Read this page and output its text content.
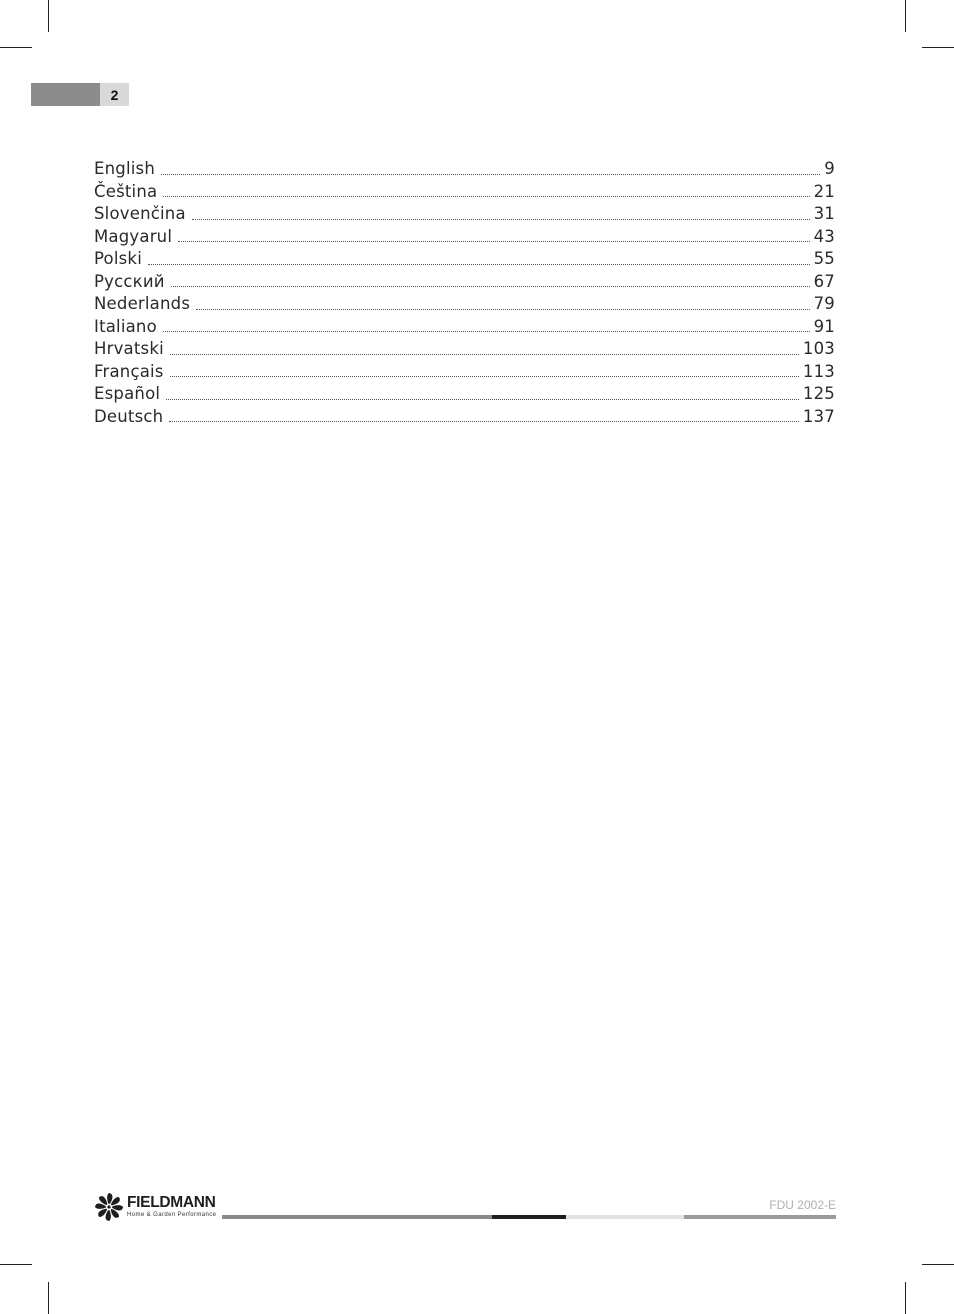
2
English	9
Čeština	21
Slovenčina	31
Magyarul	43
Polski	55
Русский	67
Nederlands	79
Italiano	91
Hrvatski	103
Français	113
Español	125
Deutsch	137
FIELDMANN
Home & Garden Performance
FDU 2002-E
